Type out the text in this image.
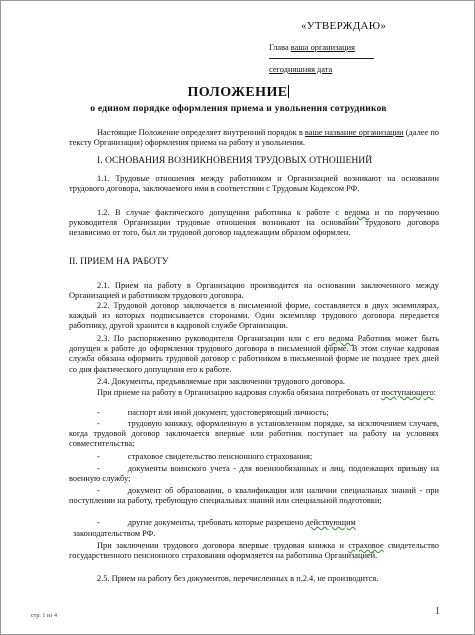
«УТВЕРЖДАЮ»
Глава ваша организация
сегодняшняя дата
ПОЛОЖЕНИЕ
о едином порядке оформления приема и увольнения сотрудников
Настоящие Положение определяет внутренний порядок в ваше название организации (далее по тексту Организация) оформления приема на работу и увольнения.
I. ОСНОВАНИЯ ВОЗНИКНОВЕНИЯ ТРУДОВЫХ ОТНОШЕНИЙ
1.1. Трудовые отношения между работником и Организацией возникают на основании трудового договора, заключаемого ими в соответствии с Трудовым Кодексом РФ.
1.2. В случае фактического допущения работника к работе с ведома и по поручению руководителя Организации трудовые отношения возникают на основании трудового договора независимо от того, был ли трудовой договор надлежащим образом оформлен.
II. ПРИЕМ НА РАБОТУ
2.1. Прием на работу в Организацию производится на основании заключенного между Организацией и работником трудового договора.
2.2. Трудовой договор заключается в письменной форме, составляется в двух экземплярах, каждый из которых подписывается сторонами. Один экземпляр трудового договора передается работнику, другой хранится в кадровой службе Организации.
2.3. По распоряжению руководителя Организации или с его ведома Работник может быть допущен к работе до оформления трудового договора в письменной форме. В этом случае кадровая служба обязана оформить трудовой договор с работником в письменной форме не позднее трех дней со дня фактического допущения его к работе.
2.4. Документы, предъявляемые при заключении трудового договора.
При приеме на работу в Организацию кадровая служба обязана потребовать от поступающего:
-	паспорт или иной документ, удостоверяющий личность;
-	трудовую книжку, оформленную в установленном порядке, за исключением случаев, когда трудовой договор заключается впервые или работник поступает на работу на условиях совместительства;
-	страховое свидетельство пенсионного страхования;
-	документы воинского учета - для военнообязанных и лиц, подлежащих призыву на военную службу;
-	документ об образовании, о квалификации или наличии специальных знаний - при поступлении на работу, требующую специальных знаний или специальной подготовки;
-	другие документы, требовать которые разрешено действующим
законодательством РФ.
При заключении трудового договора впервые трудовая книжка и страховое свидетельство государственного пенсионного страхования оформляется на работника Организацией.
2.5. Прием на работу без документов, перечисленных в п.2.4, не производится.
стр. 1 из 4	1
